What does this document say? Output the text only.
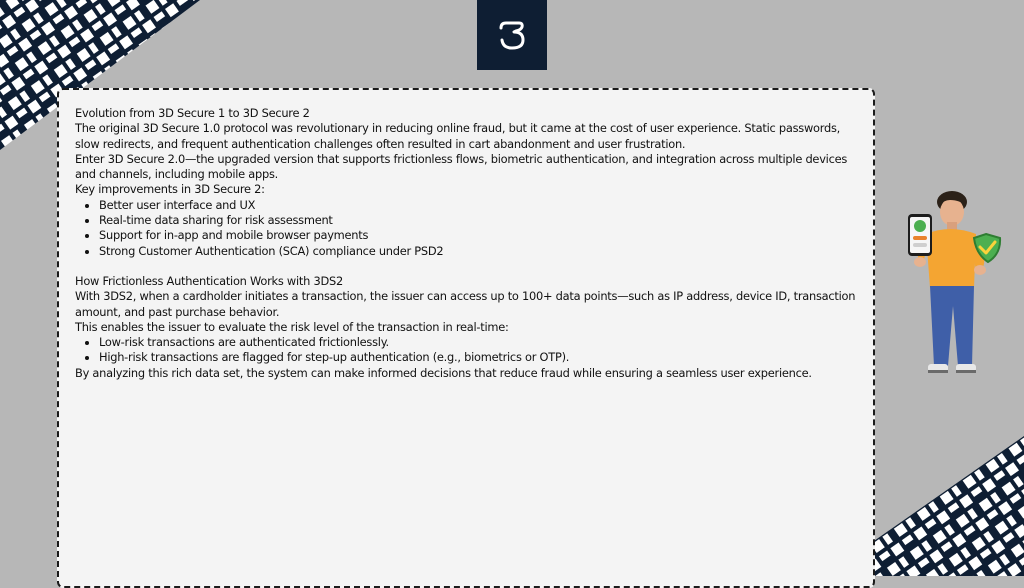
Evolution from 3D Secure 1 to 3D Secure 2

The original 3D Secure 1.0 protocol was revolutionary in reducing online fraud, but it came at the cost of user experience. Static passwords, slow redirects, and frequent authentication challenges often resulted in cart abandonment and user frustration.

Enter 3D Secure 2.0—the upgraded version that supports frictionless flows, biometric authentication, and integration across multiple devices and channels, including mobile apps.

Key improvements in 3D Secure 2:

• Better user interface and UX
• Real-time data sharing for risk assessment
• Support for in-app and mobile browser payments
• Strong Customer Authentication (SCA) compliance under PSD2

How Frictionless Authentication Works with 3DS2

With 3DS2, when a cardholder initiates a transaction, the issuer can access up to 100+ data points—such as IP address, device ID, transaction amount, and past purchase behavior.

This enables the issuer to evaluate the risk level of the transaction in real-time:

• Low-risk transactions are authenticated frictionlessly.
• High-risk transactions are flagged for step-up authentication (e.g., biometrics or OTP).

By analyzing this rich data set, the system can make informed decisions that reduce fraud while ensuring a seamless user experience.
